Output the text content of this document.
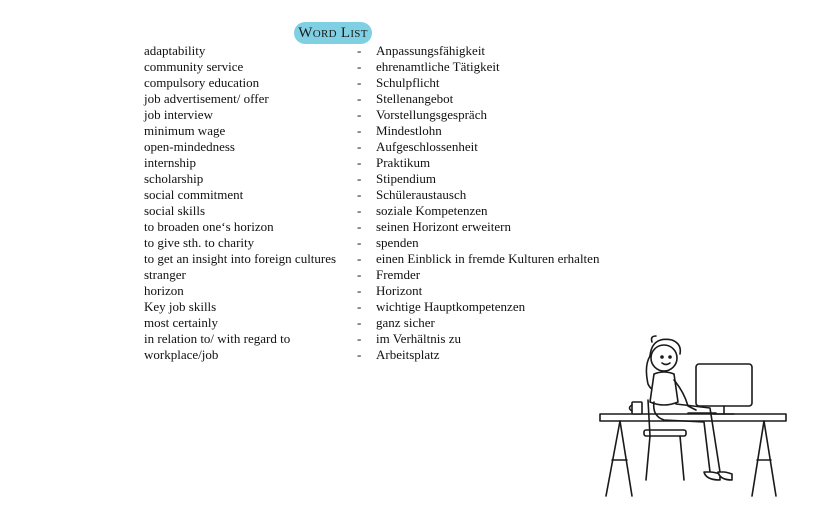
Word List
adaptability	- Anpassungsfähigkeit
community service	- ehrenamtliche Tätigkeit
compulsory education	- Schulpflicht
job advertisement/ offer	- Stellenangebot
job interview	- Vorstellungsgespräch
minimum wage	- Mindestlohn
open-mindedness	- Aufgeschlossenheit
internship	- Praktikum
scholarship	- Stipendium
social commitment	- Schüleraustausch
social skills	- soziale Kompetenzen
to broaden one‘s horizon	- seinen Horizont erweitern
to give sth. to charity	- spenden
to get an insight into foreign cultures - einen Einblick in fremde Kulturen erhalten
stranger	- Fremder
horizon	- Horizont
Key job skills	- wichtige Hauptkompetenzen
most certainly	- ganz sicher
in relation to/ with regard to	- im Verhältnis zu
workplace/job	- Arbeitsplatz
